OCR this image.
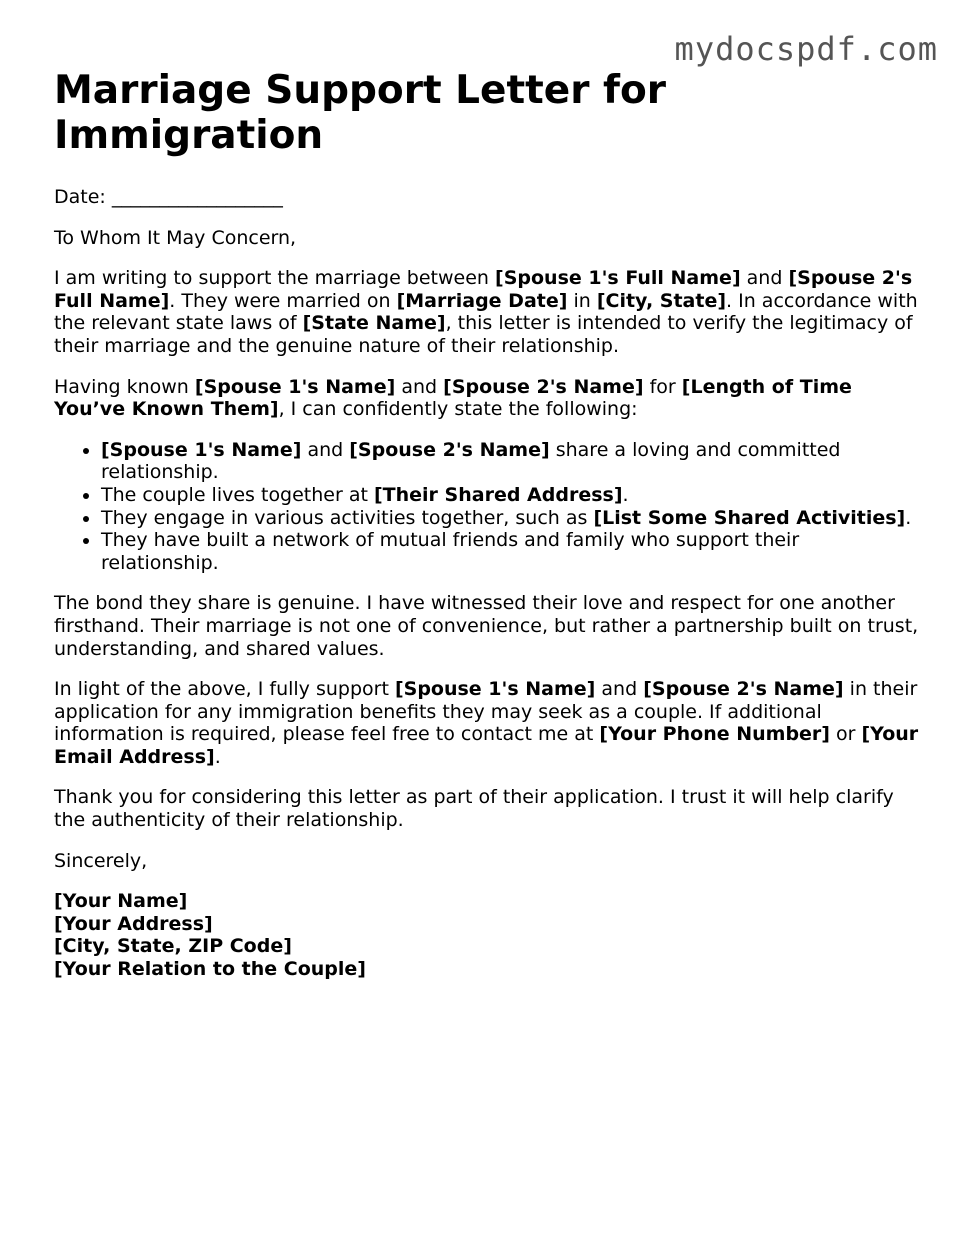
mydocspdf.com
Marriage Support Letter for Immigration

Date: __________________

To Whom It May Concern,

I am writing to support the marriage between [Spouse 1's Full Name] and [Spouse 2's Full Name]. They were married on [Marriage Date] in [City, State]. In accordance with the relevant state laws of [State Name], this letter is intended to verify the legitimacy of their marriage and the genuine nature of their relationship.

Having known [Spouse 1's Name] and [Spouse 2's Name] for [Length of Time You’ve Known Them], I can confidently state the following:

• [Spouse 1's Name] and [Spouse 2's Name] share a loving and committed relationship.
• The couple lives together at [Their Shared Address].
• They engage in various activities together, such as [List Some Shared Activities].
• They have built a network of mutual friends and family who support their relationship.

The bond they share is genuine. I have witnessed their love and respect for one another firsthand. Their marriage is not one of convenience, but rather a partnership built on trust, understanding, and shared values.

In light of the above, I fully support [Spouse 1's Name] and [Spouse 2's Name] in their application for any immigration benefits they may seek as a couple. If additional information is required, please feel free to contact me at [Your Phone Number] or [Your Email Address].

Thank you for considering this letter as part of their application. I trust it will help clarify the authenticity of their relationship.

Sincerely,

[Your Name]

[Your Address]

[City, State, ZIP Code]

[Your Relation to the Couple]
